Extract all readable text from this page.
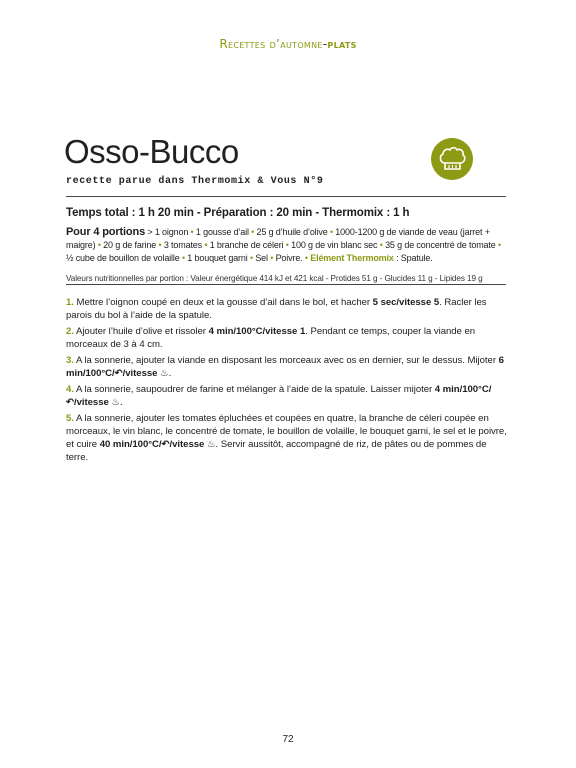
Recettes d’automne-plats
Osso-Bucco
recette parue dans Thermomix & Vous N°9
Temps total : 1 h 20 min - Préparation : 20 min - Thermomix : 1 h
Pour 4 portions > 1 oignon • 1 gousse d’ail • 25 g d’huile d’olive • 1000-1200 g de viande de veau (jarret + maigre) • 20 g de farine • 3 tomates • 1 branche de céleri • 100 g de vin blanc sec • 35 g de concentré de tomate • ½ cube de bouillon de volaille • 1 bouquet garni • Sel • Poivre. • Elément Thermomix : Spatule.
Valeurs nutritionnelles par portion : Valeur énergétique 414 kJ et 421 kcal - Protides 51 g - Glucides 11 g - Lipides 19 g
1. Mettre l’oignon coupé en deux et la gousse d’ail dans le bol, et hacher 5 sec/vitesse 5. Racler les parois du bol à l’aide de la spatule.
2. Ajouter l’huile d’olive et rissoler 4 min/100°C/vitesse 1. Pendant ce temps, couper la viande en morceaux de 3 à 4 cm.
3. A la sonnerie, ajouter la viande en disposant les morceaux avec os en dernier, sur le dessus. Mijoter 6 min/100°C/↶/vitesse ♨.
4. A la sonnerie, saupoudrer de farine et mélanger à l’aide de la spatule. Laisser mijoter 4 min/100°C/↶/vitesse ♨.
5. A la sonnerie, ajouter les tomates épluchées et coupées en quatre, la branche de céleri coupée en morceaux, le vin blanc, le concentré de tomate, le bouillon de volaille, le bouquet garni, le sel et le poivre, et cuire 40 min/100°C/↶/vitesse ♨. Servir aussitôt, accompagné de riz, de pâtes ou de pommes de terre.
72
